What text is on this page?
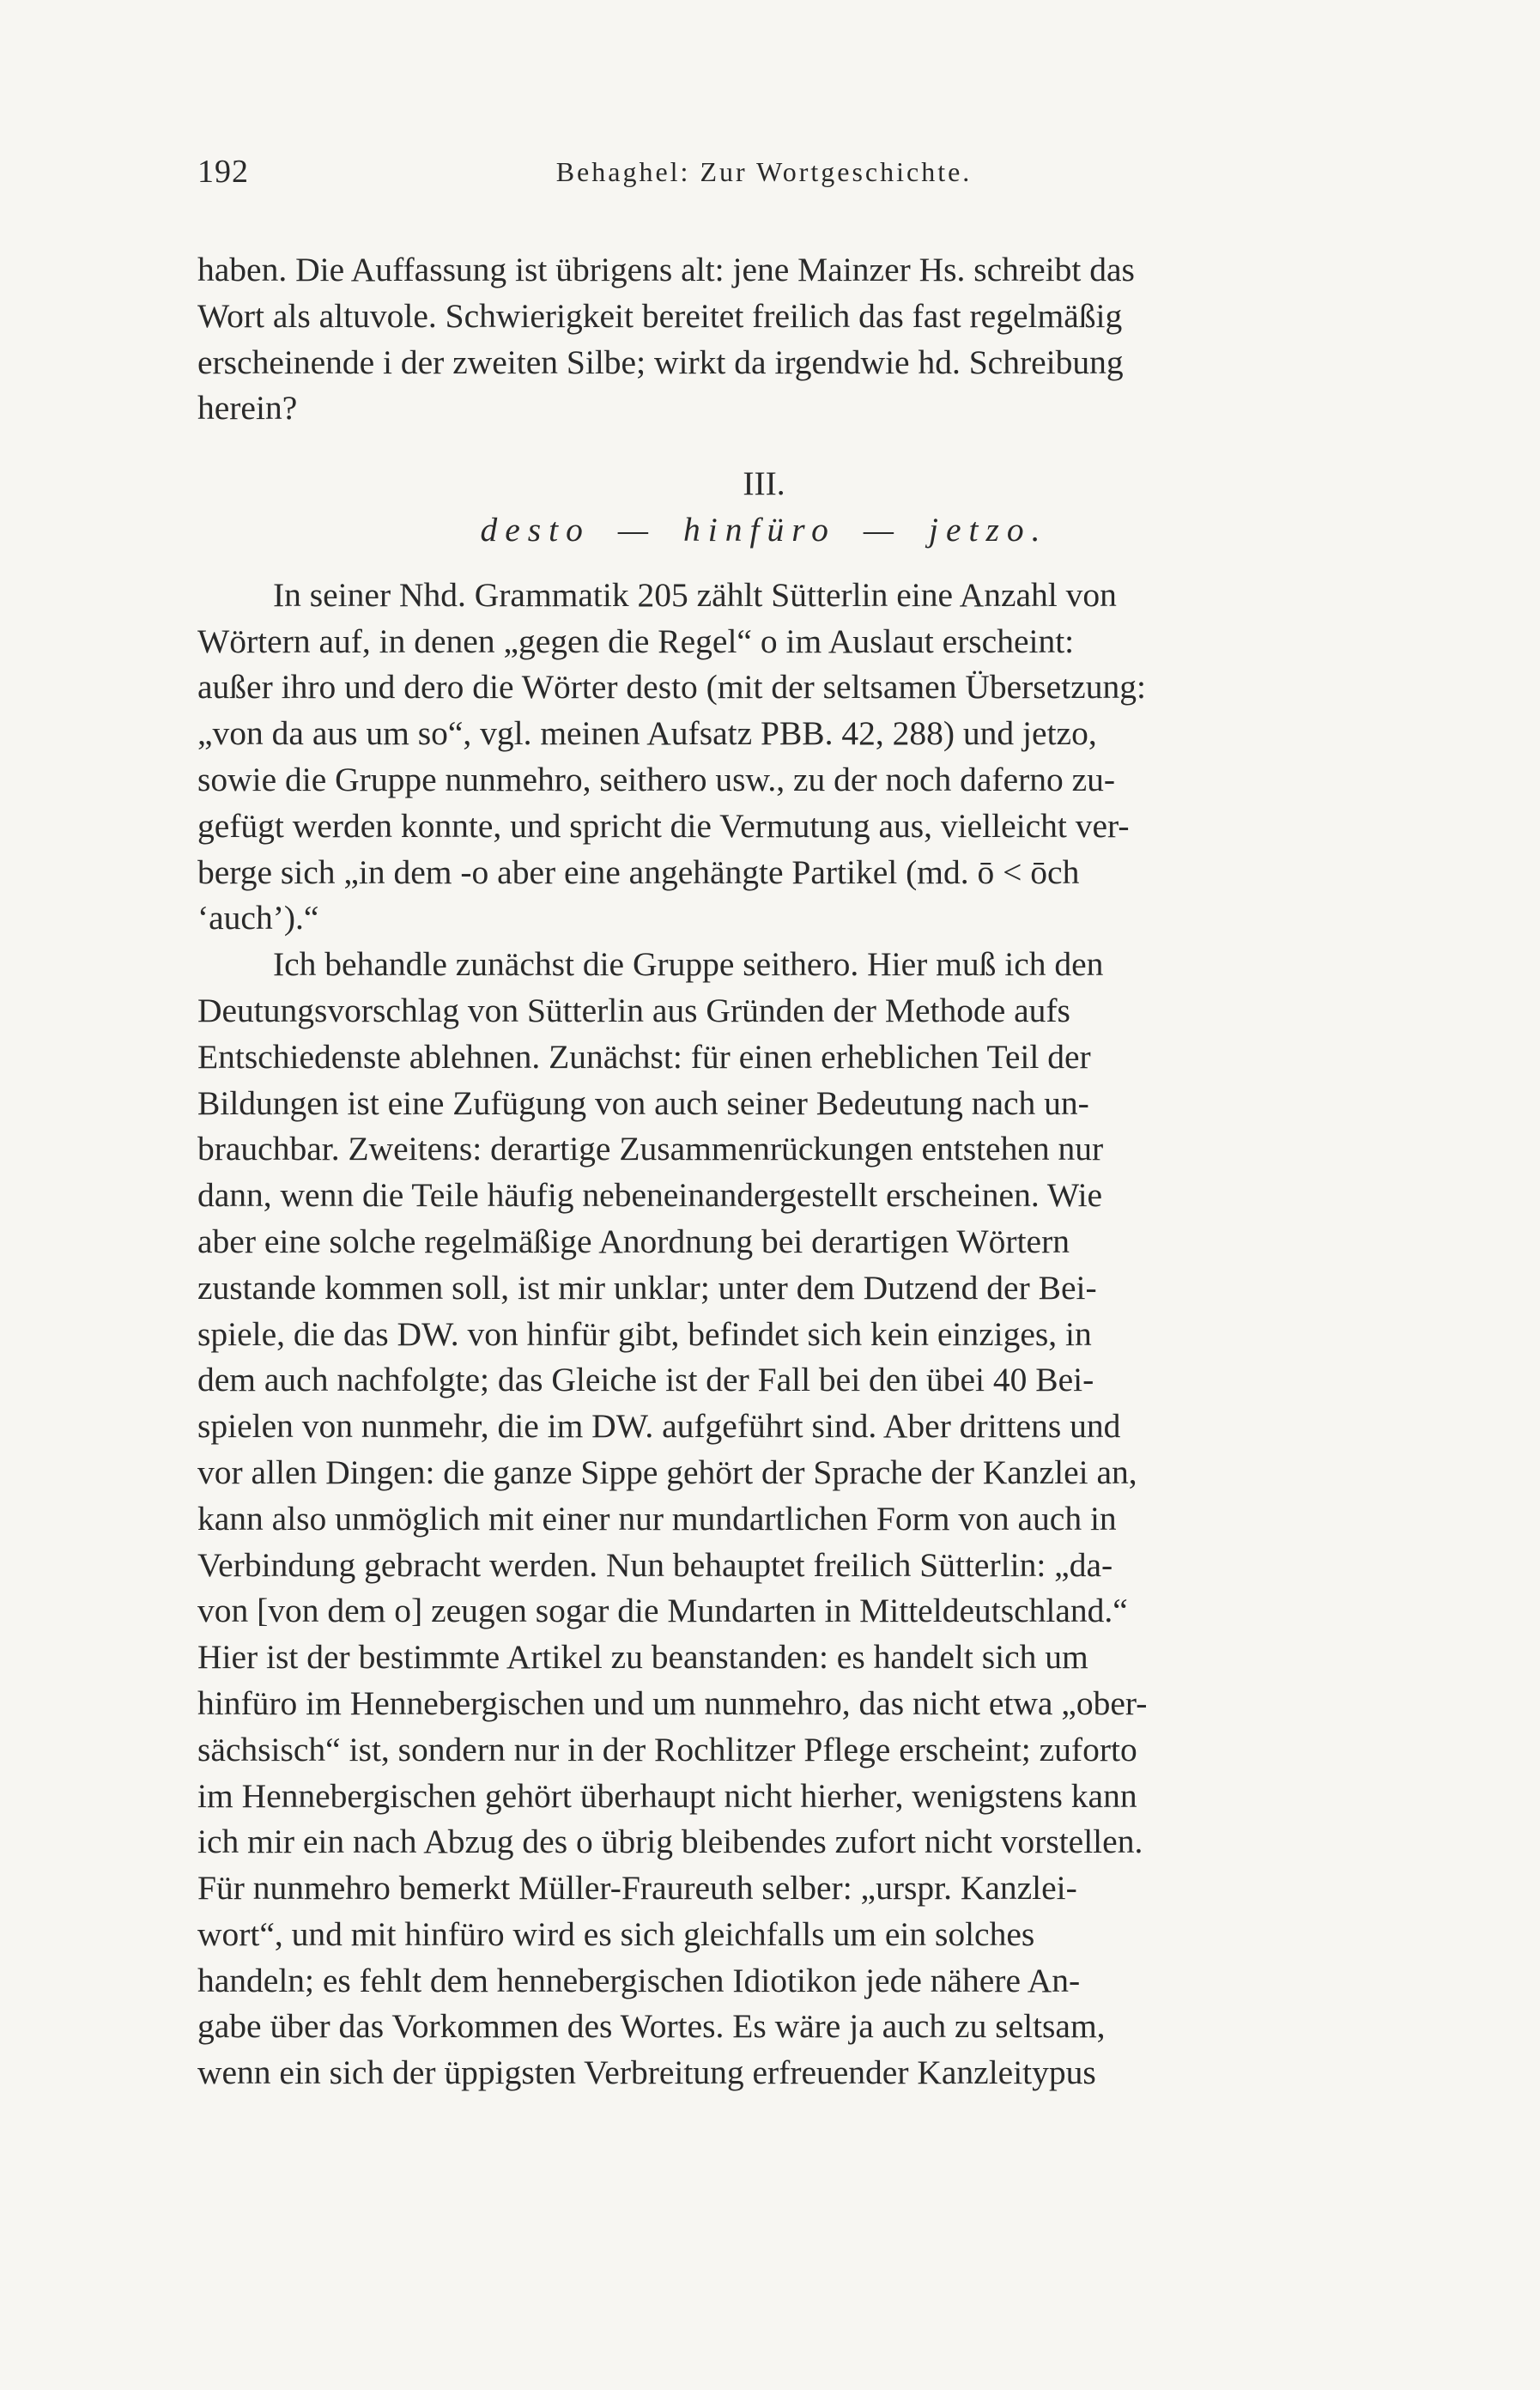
192	Behaghel: Zur Wortgeschichte.

haben. Die Auffassung ist übrigens alt: jene Mainzer Hs. schreibt das
Wort als altuvole. Schwierigkeit bereitet freilich das fast regelmäßig
erscheinende i der zweiten Silbe; wirkt da irgendwie hd. Schreibung
herein?

III.
desto — hinfüro — jetzo.

In seiner Nhd. Grammatik 205 zählt Sütterlin eine Anzahl von
Wörtern auf, in denen „gegen die Regel“ o im Auslaut erscheint:
außer ihro und dero die Wörter desto (mit der seltsamen Übersetzung:
„von da aus um so“, vgl. meinen Aufsatz PBB. 42, 288) und jetzo,
sowie die Gruppe nunmehro, seithero usw., zu der noch daferno zu-
gefügt werden konnte, und spricht die Vermutung aus, vielleicht ver-
berge sich „in dem -o aber eine angehängte Partikel (md. ō < ōch
‘auch’).“

Ich behandle zunächst die Gruppe seithero. Hier muß ich den
Deutungsvorschlag von Sütterlin aus Gründen der Methode aufs
Entschiedenste ablehnen. Zunächst: für einen erheblichen Teil der
Bildungen ist eine Zufügung von auch seiner Bedeutung nach un-
brauchbar. Zweitens: derartige Zusammenrückungen entstehen nur
dann, wenn die Teile häufig nebeneinandergestellt erscheinen. Wie
aber eine solche regelmäßige Anordnung bei derartigen Wörtern
zustande kommen soll, ist mir unklar; unter dem Dutzend der Bei-
spiele, die das DW. von hinfür gibt, befindet sich kein einziges, in
dem auch nachfolgte; das Gleiche ist der Fall bei den übei 40 Bei-
spielen von nunmehr, die im DW. aufgeführt sind. Aber drittens und
vor allen Dingen: die ganze Sippe gehört der Sprache der Kanzlei an,
kann also unmöglich mit einer nur mundartlichen Form von auch in
Verbindung gebracht werden. Nun behauptet freilich Sütterlin: „da-
von [von dem o] zeugen sogar die Mundarten in Mitteldeutschland.“
Hier ist der bestimmte Artikel zu beanstanden: es handelt sich um
hinfüro im Hennebergischen und um nunmehro, das nicht etwa „ober-
sächsisch“ ist, sondern nur in der Rochlitzer Pflege erscheint; zuforto
im Hennebergischen gehört überhaupt nicht hierher, wenigstens kann
ich mir ein nach Abzug des o übrig bleibendes zufort nicht vorstellen.
Für nunmehro bemerkt Müller-Fraureuth selber: „urspr. Kanzlei-
wort“, und mit hinfüro wird es sich gleichfalls um ein solches
handeln; es fehlt dem hennebergischen Idiotikon jede nähere An-
gabe über das Vorkommen des Wortes. Es wäre ja auch zu seltsam,
wenn ein sich der üppigsten Verbreitung erfreuender Kanzleitypus
